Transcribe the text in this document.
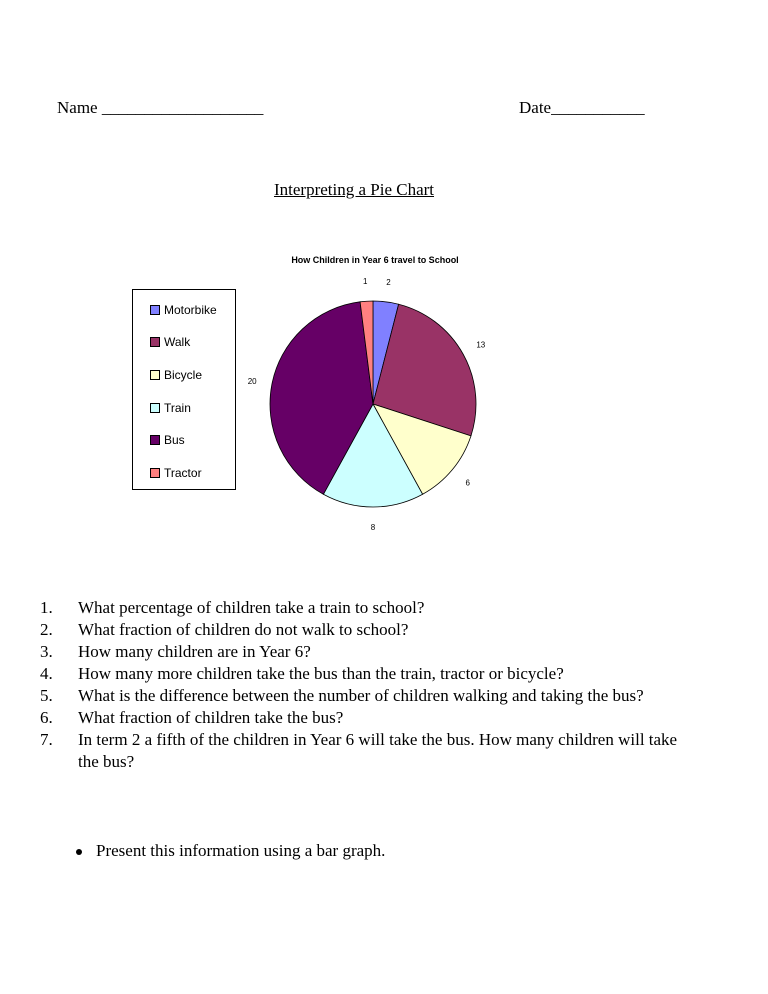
Name ___________________	Date___________
Interpreting a Pie Chart
How Children in Year 6 travel to School
Motorbike
Walk
Bicycle
Train
Bus
Tractor
2
13
6
8
20
1
1. What percentage of children take a train to school?
2. What fraction of children do not walk to school?
3. How many children are in Year 6?
4. How many more children take the bus than the train, tractor or bicycle?
5. What is the difference between the number of children walking and taking the bus?
6. What fraction of children take the bus?
7. In term 2 a fifth of the children in Year 6 will take the bus. How many children will take the bus?
Present this information using a bar graph.
